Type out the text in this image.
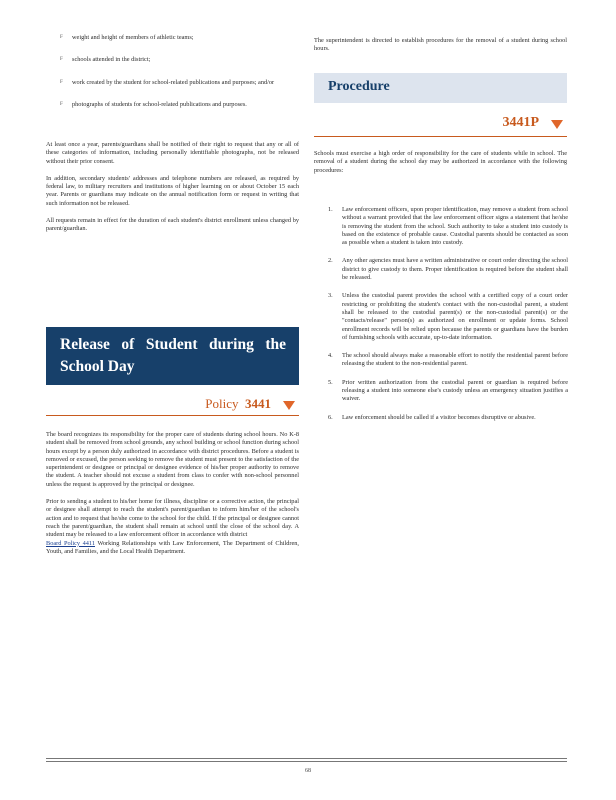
F weight and height of members of athletic teams;
F schools attended in the district;
F work created by the student for school-related publications and purposes; and/or
F photographs of students for school-related publications and purposes.

At least once a year, parents/guardians shall be notified of their right to request that any or all of these categories of information, including personally identifiable photographs, not be released without their prior consent.

In addition, secondary students' addresses and telephone numbers are released, as required by federal law, to military recruiters and institutions of higher learning on or about October 15 each year. Parents or guardians may indicate on the annual notification form or request in writing that such information not be released.

All requests remain in effect for the duration of each student's district enrollment unless changed by parent/guardian.

Release of Student during the School Day
Policy 3441

The board recognizes its responsibility for the proper care of students during school hours. No K-8 student shall be removed from school grounds, any school building or school function during school hours except by a person duly authorized in accordance with district procedures. Before a student is removed or excused, the person seeking to remove the student must present to the satisfaction of the superintendent or designee or principal or designee evidence of his/her proper authority to remove the student. A teacher should not excuse a student from class to confer with non-school personnel unless the request is approved by the principal or designee.

Prior to sending a student to his/her home for illness, discipline or a corrective action, the principal or designee shall attempt to reach the student's parent/guardian to inform him/her of the school's action and to request that he/she come to the school for the child. If the principal or designee cannot reach the parent/guardian, the student shall remain at school until the close of the school day. A student may be released to a law enforcement officer in accordance with district

Board Policy 4411 Working Relationships with Law Enforcement, The Department of Children, Youth, and Families, and the Local Health Department.

The superintendent is directed to establish procedures for the removal of a student during school hours.

Procedure
3441P

Schools must exercise a high order of responsibility for the care of students while in school. The removal of a student during the school day may be authorized in accordance with the following procedures:

1. Law enforcement officers, upon proper identification, may remove a student from school without a warrant provided that the law enforcement officer signs a statement that he/she is removing the student from the school. Such authority to take a student into custody is based on the existence of probable cause. Custodial parents should be contacted as soon as possible when a student is taken into custody.
2. Any other agencies must have a written administrative or court order directing the school district to give custody to them. Proper identification is required before the student shall be released.
3. Unless the custodial parent provides the school with a certified copy of a court order restricting or prohibiting the student's contact with the non-custodial parent, a student shall be released to the custodial parent(s) or the non-custodial parent(s) or the "contacts/release" person(s) as authorized on enrollment or update forms. School enrollment records will be relied upon because the parents or guardians have the burden of furnishing schools with accurate, up-to-date information.
4. The school should always make a reasonable effort to notify the residential parent before releasing the student to the non-residential parent.
5. Prior written authorization from the custodial parent or guardian is required before releasing a student into someone else's custody unless an emergency situation justifies a waiver.
6. Law enforcement should be called if a visitor becomes disruptive or abusive.
68
